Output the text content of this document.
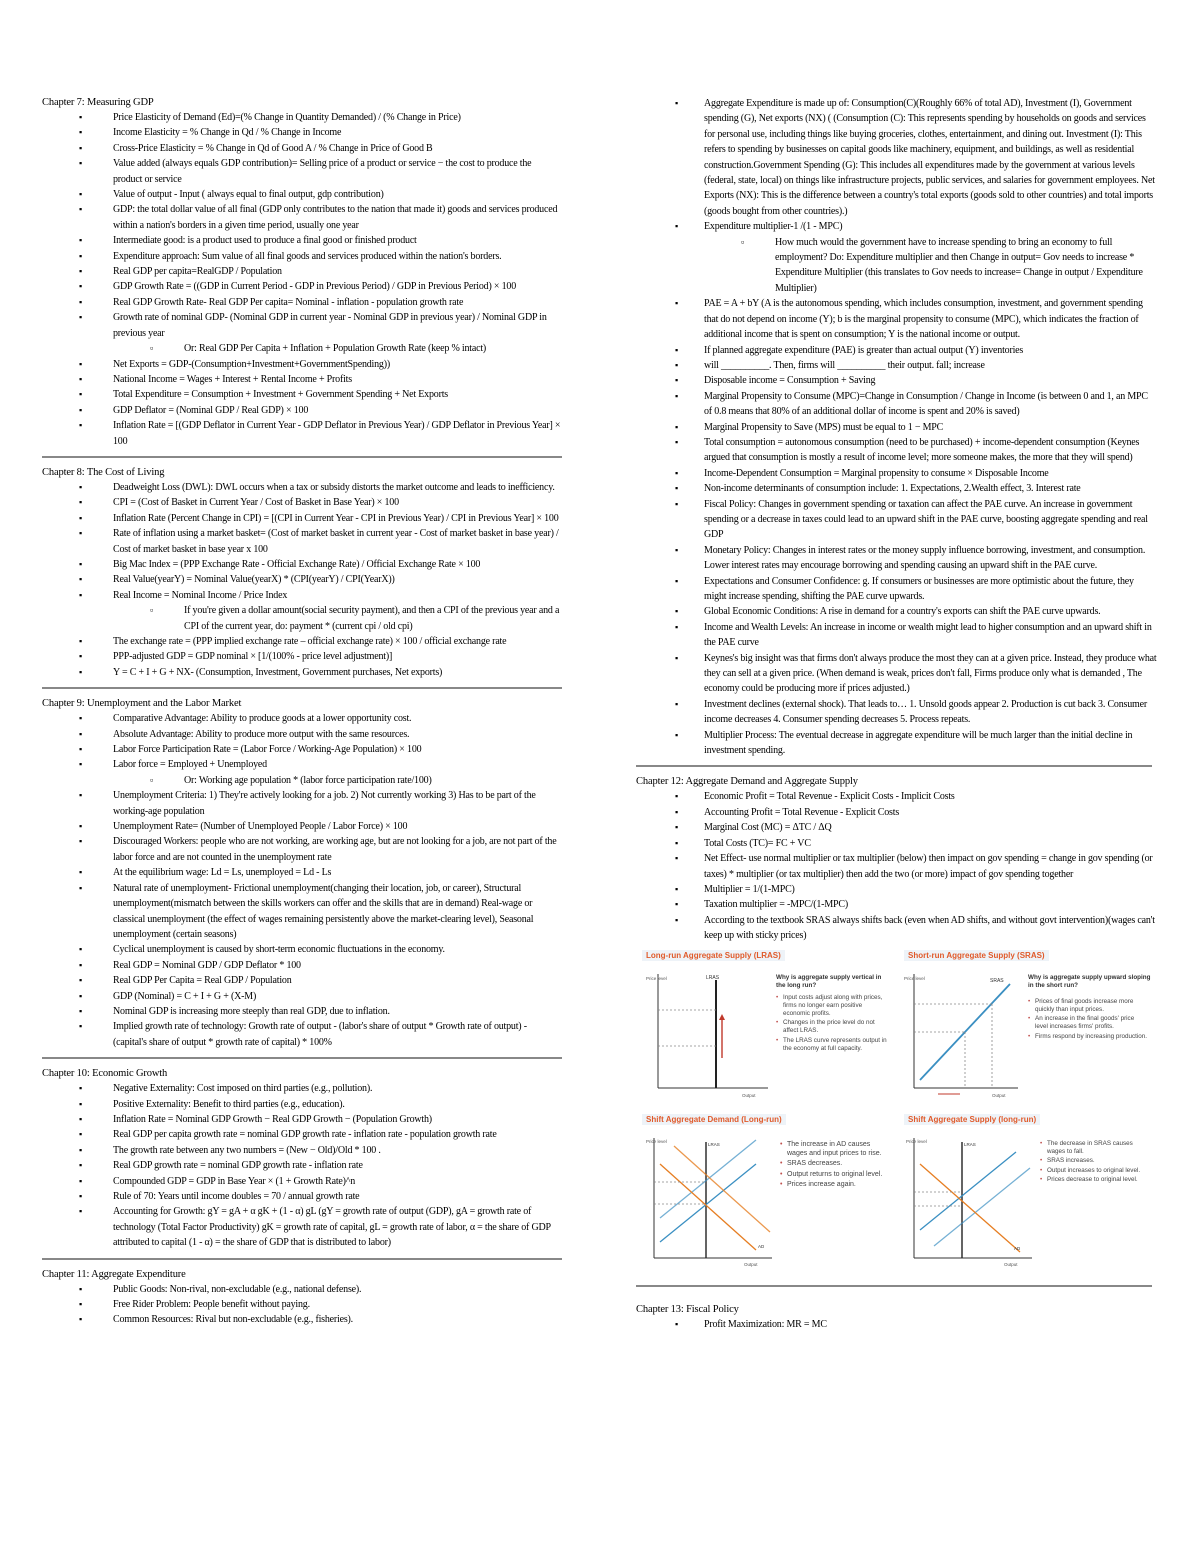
Chapter 7: Measuring GDP
▪ Price Elasticity of Demand (Ed)=(% Change in Quantity Demanded) / (% Change in Price)
▪ Income Elasticity = % Change in Qd / % Change in Income
▪ Cross-Price Elasticity = % Change in Qd of Good A / % Change in Price of Good B
▪ Value added (always equals GDP contribution)= Selling price of a product or service − the cost to produce the product or service
▪ Value of output - Input ( always equal to final output, gdp contribution)
▪ GDP: the total dollar value of all final (GDP only contributes to the nation that made it) goods and services produced within a nation's borders in a given time period, usually one year
▪ Intermediate good: is a product used to produce a final good or finished product
▪ Expenditure approach: Sum value of all final goods and services produced within the nation's borders.
▪ Real GDP per capita=RealGDP / Population
▪ GDP Growth Rate = ((GDP in Current Period - GDP in Previous Period) / GDP in Previous Period) × 100
▪ Real GDP Growth Rate- Real GDP Per capita= Nominal - inflation - population growth rate
▪ Growth rate of nominal GDP- (Nominal GDP in current year - Nominal GDP in previous year) / Nominal GDP in previous year
▫ Or: Real GDP Per Capita + Inflation + Population Growth Rate (keep % intact)
▪ Net Exports = GDP-(Consumption+Investment+GovernmentSpending))
▪ National Income = Wages + Interest + Rental Income + Profits
▪ Total Expenditure = Consumption + Investment + Government Spending + Net Exports
▪ GDP Deflator = (Nominal GDP / Real GDP) × 100
▪ Inflation Rate = [(GDP Deflator in Current Year - GDP Deflator in Previous Year) / GDP Deflator in Previous Year] × 100
Chapter 8: The Cost of Living
▪ Deadweight Loss (DWL): DWL occurs when a tax or subsidy distorts the market outcome and leads to inefficiency.
▪ CPI = (Cost of Basket in Current Year / Cost of Basket in Base Year) × 100
▪ Inflation Rate (Percent Change in CPI) = [(CPI in Current Year - CPI in Previous Year) / CPI in Previous Year] × 100
▪ Rate of inflation using a market basket= (Cost of market basket in current year - Cost of market basket in base year) / Cost of market basket in base year x 100
▪ Big Mac Index = (PPP Exchange Rate - Official Exchange Rate) / Official Exchange Rate × 100
▪ Real Value(yearY) = Nominal Value(yearX) * (CPI(yearY) / CPI(YearX))
▪ Real Income = Nominal Income / Price Index
▫ If you're given a dollar amount(social security payment), and then a CPI of the previous year and a CPI of the current year, do: payment * (current cpi / old cpi)
▪ The exchange rate = (PPP implied exchange rate – official exchange rate) × 100 / official exchange rate
▪ PPP-adjusted GDP = GDP nominal × [1/(100% - price level adjustment)]
▪ Y = C + I + G + NX- (Consumption, Investment, Government purchases, Net exports)
Chapter 9: Unemployment and the Labor Market
▪ Comparative Advantage: Ability to produce goods at a lower opportunity cost.
▪ Absolute Advantage: Ability to produce more output with the same resources.
▪ Labor Force Participation Rate = (Labor Force / Working-Age Population) × 100
▪ Labor force = Employed + Unemployed
▫ Or: Working age population * (labor force participation rate/100)
▪ Unemployment Criteria: 1) They're actively looking for a job. 2) Not currently working 3) Has to be part of the working-age population
▪ Unemployment Rate= (Number of Unemployed People / Labor Force) × 100
▪ Discouraged Workers: people who are not working, are working age, but are not looking for a job, are not part of the labor force and are not counted in the unemployment rate
▪ At the equilibrium wage: Ld = Ls, unemployed = Ld - Ls
▪ Natural rate of unemployment- Frictional unemployment(changing their location, job, or career), Structural unemployment(mismatch between the skills workers can offer and the skills that are in demand) Real-wage or classical unemployment (the effect of wages remaining persistently above the market-clearing level), Seasonal unemployment (certain seasons)
▪ Cyclical unemployment is caused by short-term economic fluctuations in the economy.
▪ Real GDP = Nominal GDP / GDP Deflator * 100
▪ Real GDP Per Capita = Real GDP / Population
▪ GDP (Nominal) = C + I + G + (X-M)
▪ Nominal GDP is increasing more steeply than real GDP, due to inflation.
▪ Implied growth rate of technology: Growth rate of output - (labor's share of output * Growth rate of output) - (capital's share of output * growth rate of capital) * 100%
Chapter 10: Economic Growth
▪ Negative Externality: Cost imposed on third parties (e.g., pollution).
▪ Positive Externality: Benefit to third parties (e.g., education).
▪ Inflation Rate = Nominal GDP Growth − Real GDP Growth − (Population Growth)
▪ Real GDP per capita growth rate = nominal GDP growth rate - inflation rate - population growth rate
▪ The growth rate between any two numbers = (New − Old)/Old * 100 .
▪ Real GDP growth rate = nominal GDP growth rate - inflation rate
▪ Compounded GDP = GDP in Base Year × (1 + Growth Rate)^n
▪ Rule of 70: Years until income doubles = 70 / annual growth rate
▪ Accounting for Growth: gY = gA + α gK + (1 - α) gL (gY = growth rate of output (GDP), gA = growth rate of technology (Total Factor Productivity) gK = growth rate of capital, gL = growth rate of labor, α = the share of GDP attributed to capital (1 - α) = the share of GDP that is distributed to labor)
Chapter 11: Aggregate Expenditure
▪ Public Goods: Non-rival, non-excludable (e.g., national defense).
▪ Free Rider Problem: People benefit without paying.
▪ Common Resources: Rival but non-excludable (e.g., fisheries).
▪ Aggregate Expenditure is made up of: Consumption(C)(Roughly 66% of total AD), Investment (I), Government spending (G), Net exports (NX) ( (Consumption (C): This represents spending by households on goods and services for personal use, including things like buying groceries, clothes, entertainment, and dining out. Investment (I): This refers to spending by businesses on capital goods like machinery, equipment, and buildings, as well as residential construction.Government Spending (G): This includes all expenditures made by the government at various levels (federal, state, local) on things like infrastructure projects, public services, and salaries for government employees. Net Exports (NX): This is the difference between a country's total exports (goods sold to other countries) and total imports (goods bought from other countries).)
▪ Expenditure multiplier-1 /(1 - MPC)
▫ How much would the government have to increase spending to bring an economy to full employment? Do: Expenditure multiplier and then Change in output= Gov needs to increase * Expenditure Multiplier (this translates to Gov needs to increase= Change in output / Expenditure Multiplier)
▪ PAE = A + bY (A is the autonomous spending, which includes consumption, investment, and government spending that do not depend on income (Y); b is the marginal propensity to consume (MPC), which indicates the fraction of additional income that is spent on consumption; Y is the national income or output.
▪ If planned aggregate expenditure (PAE) is greater than actual output (Y) inventories
▪ will __________. Then, firms will __________ their output. fall; increase
▪ Disposable income = Consumption + Saving
▪ Marginal Propensity to Consume (MPC)=Change in Consumption / Change in Income (is between 0 and 1, an MPC of 0.8 means that 80% of an additional dollar of income is spent and 20% is saved)
▪ Marginal Propensity to Save (MPS) must be equal to 1 − MPC
▪ Total consumption = autonomous consumption (need to be purchased) + income-dependent consumption (Keynes argued that consumption is mostly a result of income level; more someone makes, the more that they will spend)
▪ Income-Dependent Consumption = Marginal propensity to consume × Disposable Income
▪ Non-income determinants of consumption include: 1. Expectations, 2.Wealth effect, 3. Interest rate
▪ Fiscal Policy: Changes in government spending or taxation can affect the PAE curve. An increase in government spending or a decrease in taxes could lead to an upward shift in the PAE curve, boosting aggregate spending and real GDP
▪ Monetary Policy: Changes in interest rates or the money supply influence borrowing, investment, and consumption. Lower interest rates may encourage borrowing and spending causing an upward shift in the PAE curve.
▪ Expectations and Consumer Confidence: g. If consumers or businesses are more optimistic about the future, they might increase spending, shifting the PAE curve upwards.
▪ Global Economic Conditions: A rise in demand for a country's exports can shift the PAE curve upwards.
▪ Income and Wealth Levels: An increase in income or wealth might lead to higher consumption and an upward shift in the PAE curve
▪ Keynes's big insight was that firms don't always produce the most they can at a given price. Instead, they produce what they can sell at a given price. (When demand is weak, prices don't fall, Firms produce only what is demanded , The economy could be producing more if prices adjusted.)
▪ Investment declines (external shock). That leads to… 1. Unsold goods appear 2. Production is cut back 3. Consumer income decreases 4. Consumer spending decreases 5. Process repeats.
▪ Multiplier Process: The eventual decrease in aggregate expenditure will be much larger than the initial decline in investment spending.
Chapter 12: Aggregate Demand and Aggregate Supply
▪ Economic Profit = Total Revenue - Explicit Costs - Implicit Costs
▪ Accounting Profit = Total Revenue - Explicit Costs
▪ Marginal Cost (MC) = ΔTC / ΔQ
▪ Total Costs (TC)= FC + VC
▪ Net Effect- use normal multiplier or tax multiplier (below) then impact on gov spending = change in gov spending (or taxes) * multiplier (or tax multiplier) then add the two (or more) impact of gov spending together
▪ Multiplier = 1/(1-MPC)
▪ Taxation multiplier = -MPC/(1-MPC)
▪ According to the textbook SRAS always shifts back (even when AD shifts, and without govt intervention)(wages can't keep up with sticky prices)
Long-run Aggregate Supply (LRAS)
LRAS
Price level
Output
Why is aggregate supply vertical in the long run?
• Input costs adjust along with prices, firms no longer earn positive economic profits.
• Changes in the price level do not affect LRAS.
• The LRAS curve represents output in the economy at full capacity.
Short-run Aggregate Supply (SRAS)
Price level	SRAS
Output
Why is aggregate supply upward sloping in the short run?
• Prices of final goods increase more quickly than input prices.
• An increase in the final goods' price level increases firms' profits.
• Firms respond by increasing production.
Shift Aggregate Demand (Long-run)
Price level
Output
LRAS
AD
• The increase in AD causes wages and input prices to rise.
• SRAS decreases.
• Output returns to original level.
• Prices increase again.
Shift Aggregate Supply (long-run)
Price level
Output
LRAS
AD
• The decrease in SRAS causes wages to fall.
• SRAS increases.
• Output increases to original level.
• Prices decrease to original level.
Chapter 13: Fiscal Policy
▪ Profit Maximization: MR = MC
